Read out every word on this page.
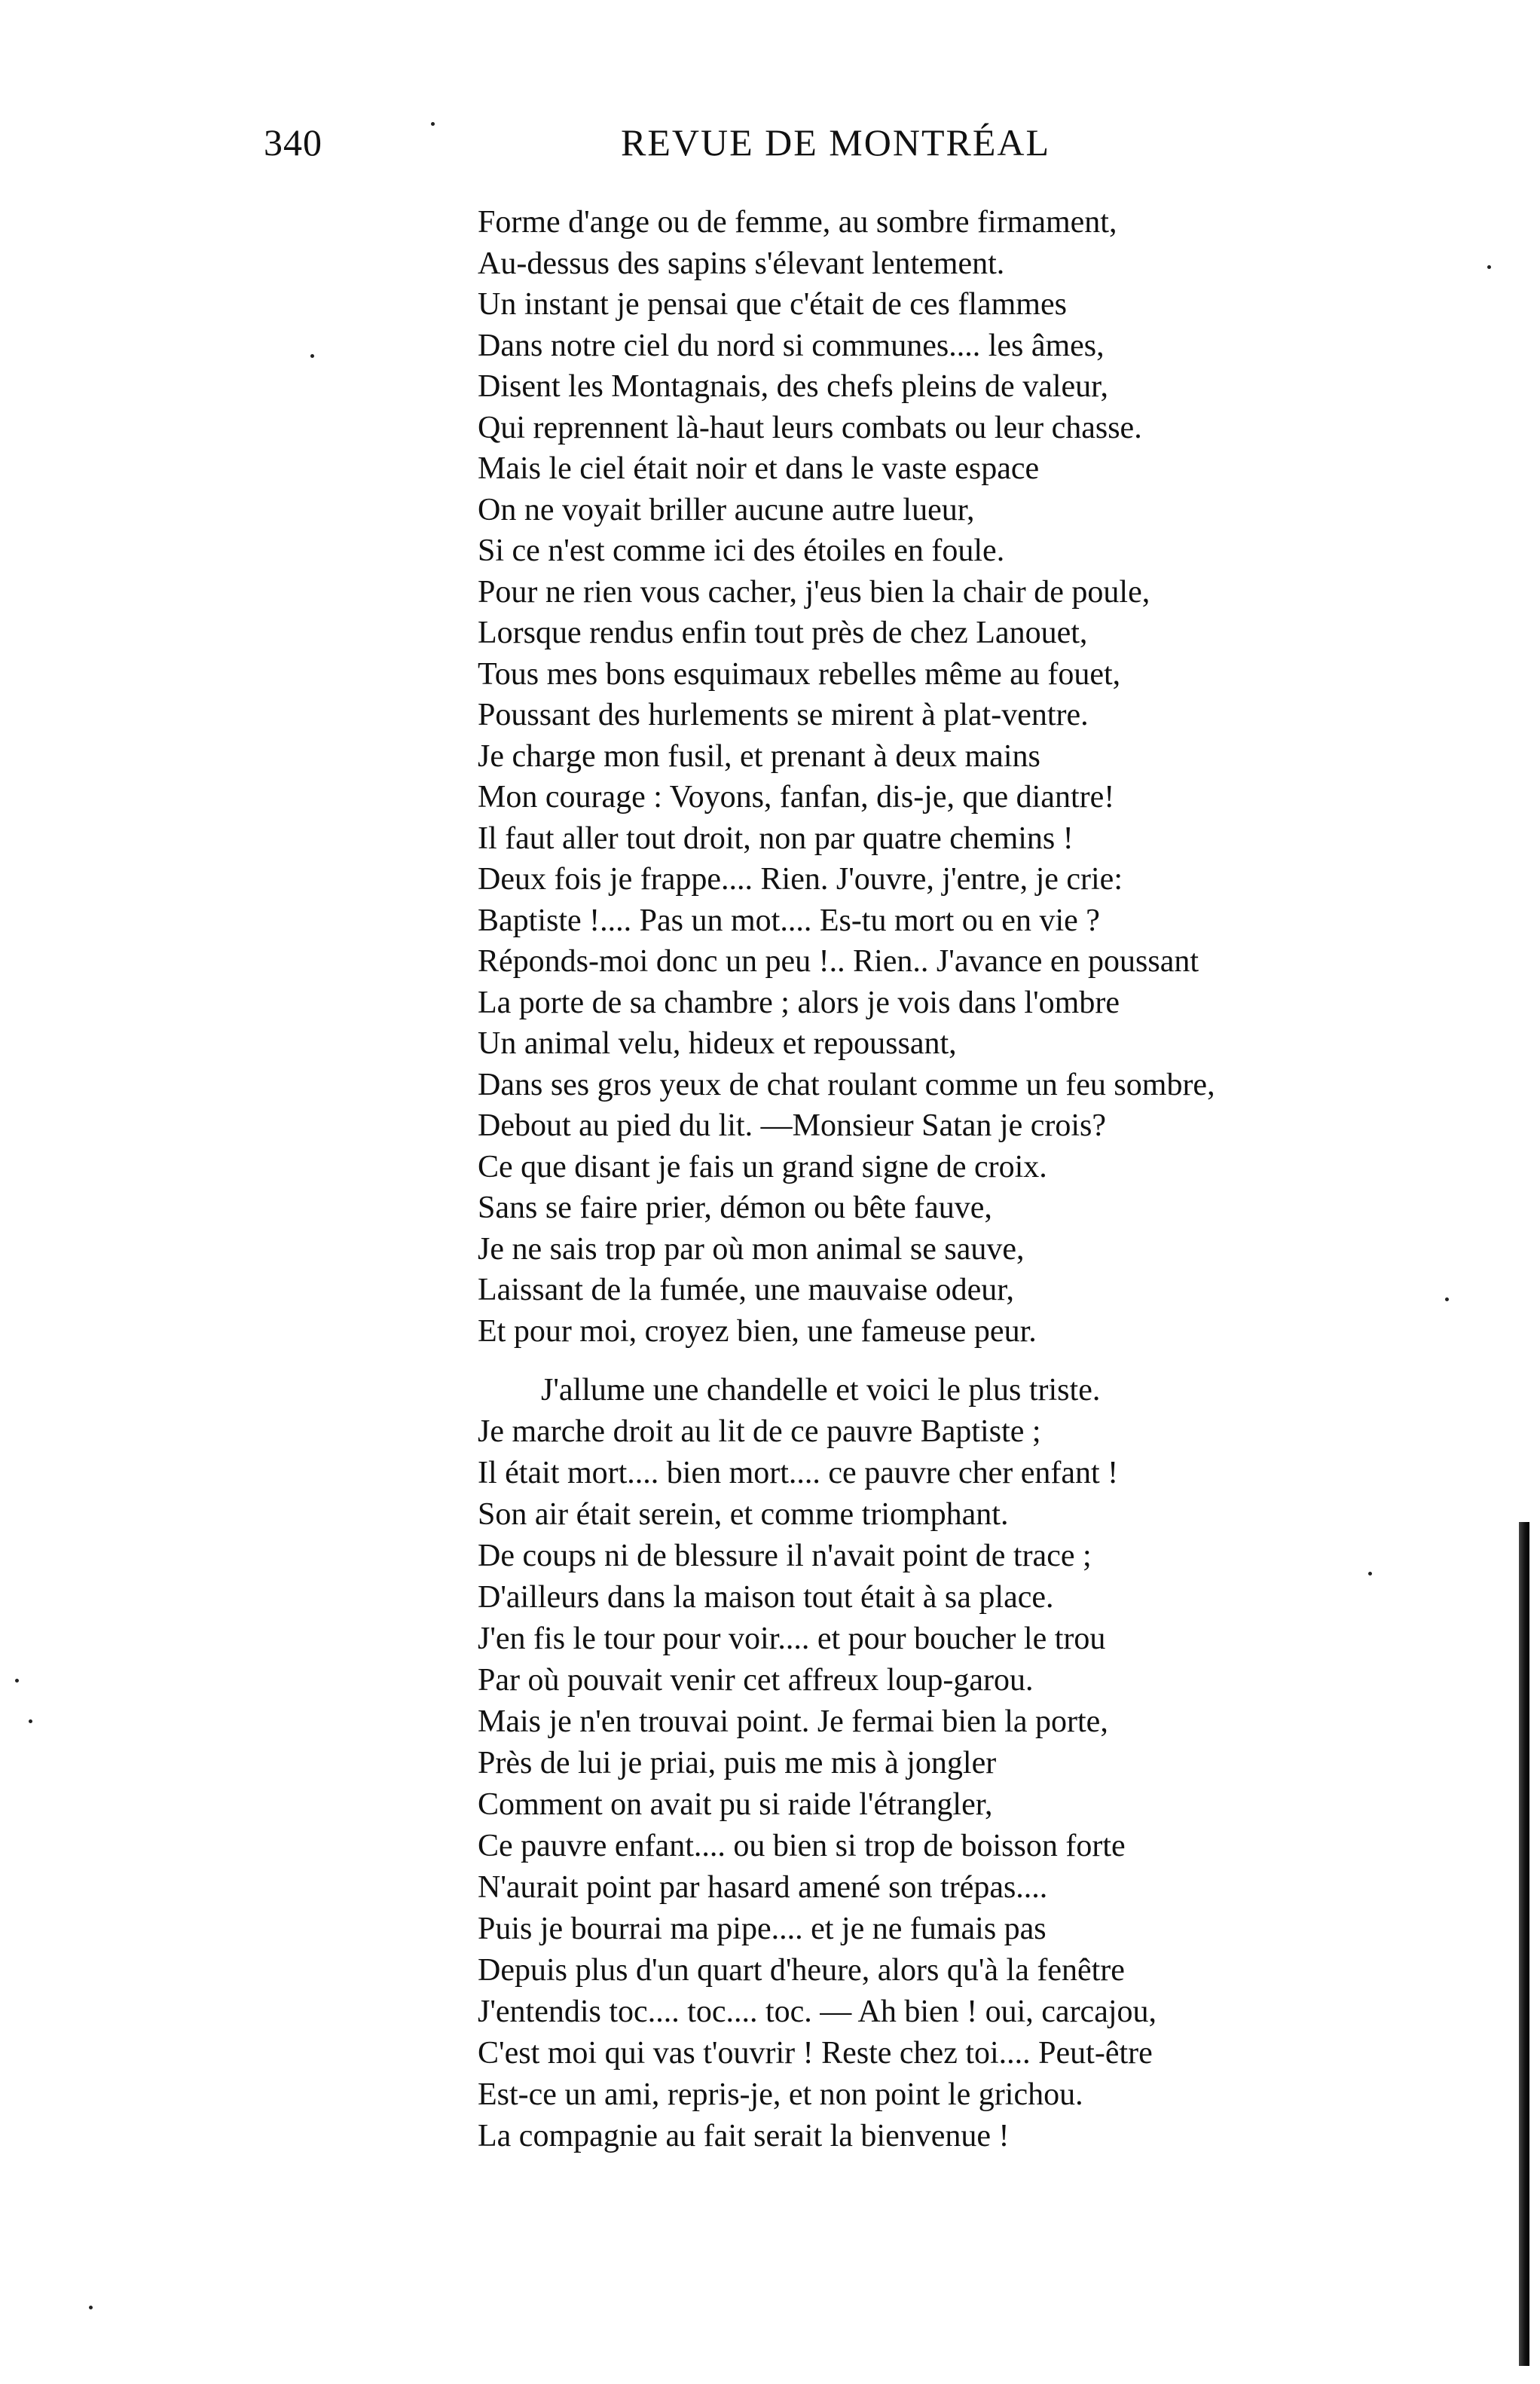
340	REVUE DE MONTRÉAL
Forme d'ange ou de femme, au sombre firmament,
Au-dessus des sapins s'élevant lentement.
Un instant je pensai que c'était de ces flammes
Dans notre ciel du nord si communes.... les âmes,
Disent les Montagnais, des chefs pleins de valeur,
Qui reprennent là-haut leurs combats ou leur chasse.
Mais le ciel était noir et dans le vaste espace
On ne voyait briller aucune autre lueur,
Si ce n'est comme ici des étoiles en foule.
Pour ne rien vous cacher, j'eus bien la chair de poule,
Lorsque rendus enfin tout près de chez Lanouet,
Tous mes bons esquimaux rebelles même au fouet,
Poussant des hurlements se mirent à plat-ventre.
Je charge mon fusil, et prenant à deux mains
Mon courage : Voyons, fanfan, dis-je, que diantre!
Il faut aller tout droit, non par quatre chemins !
Deux fois je frappe.... Rien. J'ouvre, j'entre, je crie:
Baptiste !.... Pas un mot.... Es-tu mort ou en vie ?
Réponds-moi donc un peu !.. Rien.. J'avance en poussant
La porte de sa chambre ; alors je vois dans l'ombre
Un animal velu, hideux et repoussant,
Dans ses gros yeux de chat roulant comme un feu sombre,
Debout au pied du lit. —Monsieur Satan je crois?
Ce que disant je fais un grand signe de croix.
Sans se faire prier, démon ou bête fauve,
Je ne sais trop par où mon animal se sauve,
Laissant de la fumée, une mauvaise odeur,
Et pour moi, croyez bien, une fameuse peur.
J'allume une chandelle et voici le plus triste.
Je marche droit au lit de ce pauvre Baptiste ;
Il était mort.... bien mort.... ce pauvre cher enfant !
Son air était serein, et comme triomphant.
De coups ni de blessure il n'avait point de trace ;
D'ailleurs dans la maison tout était à sa place.
J'en fis le tour pour voir.... et pour boucher le trou
Par où pouvait venir cet affreux loup-garou.
Mais je n'en trouvai point. Je fermai bien la porte,
Près de lui je priai, puis me mis à jongler
Comment on avait pu si raide l'étrangler,
Ce pauvre enfant.... ou bien si trop de boisson forte
N'aurait point par hasard amené son trépas....
Puis je bourrai ma pipe.... et je ne fumais pas
Depuis plus d'un quart d'heure, alors qu'à la fenêtre
J'entendis toc.... toc.... toc. — Ah bien ! oui, carcajou,
C'est moi qui vas t'ouvrir ! Reste chez toi.... Peut-être
Est-ce un ami, repris-je, et non point le grichou.
La compagnie au fait serait la bienvenue !
